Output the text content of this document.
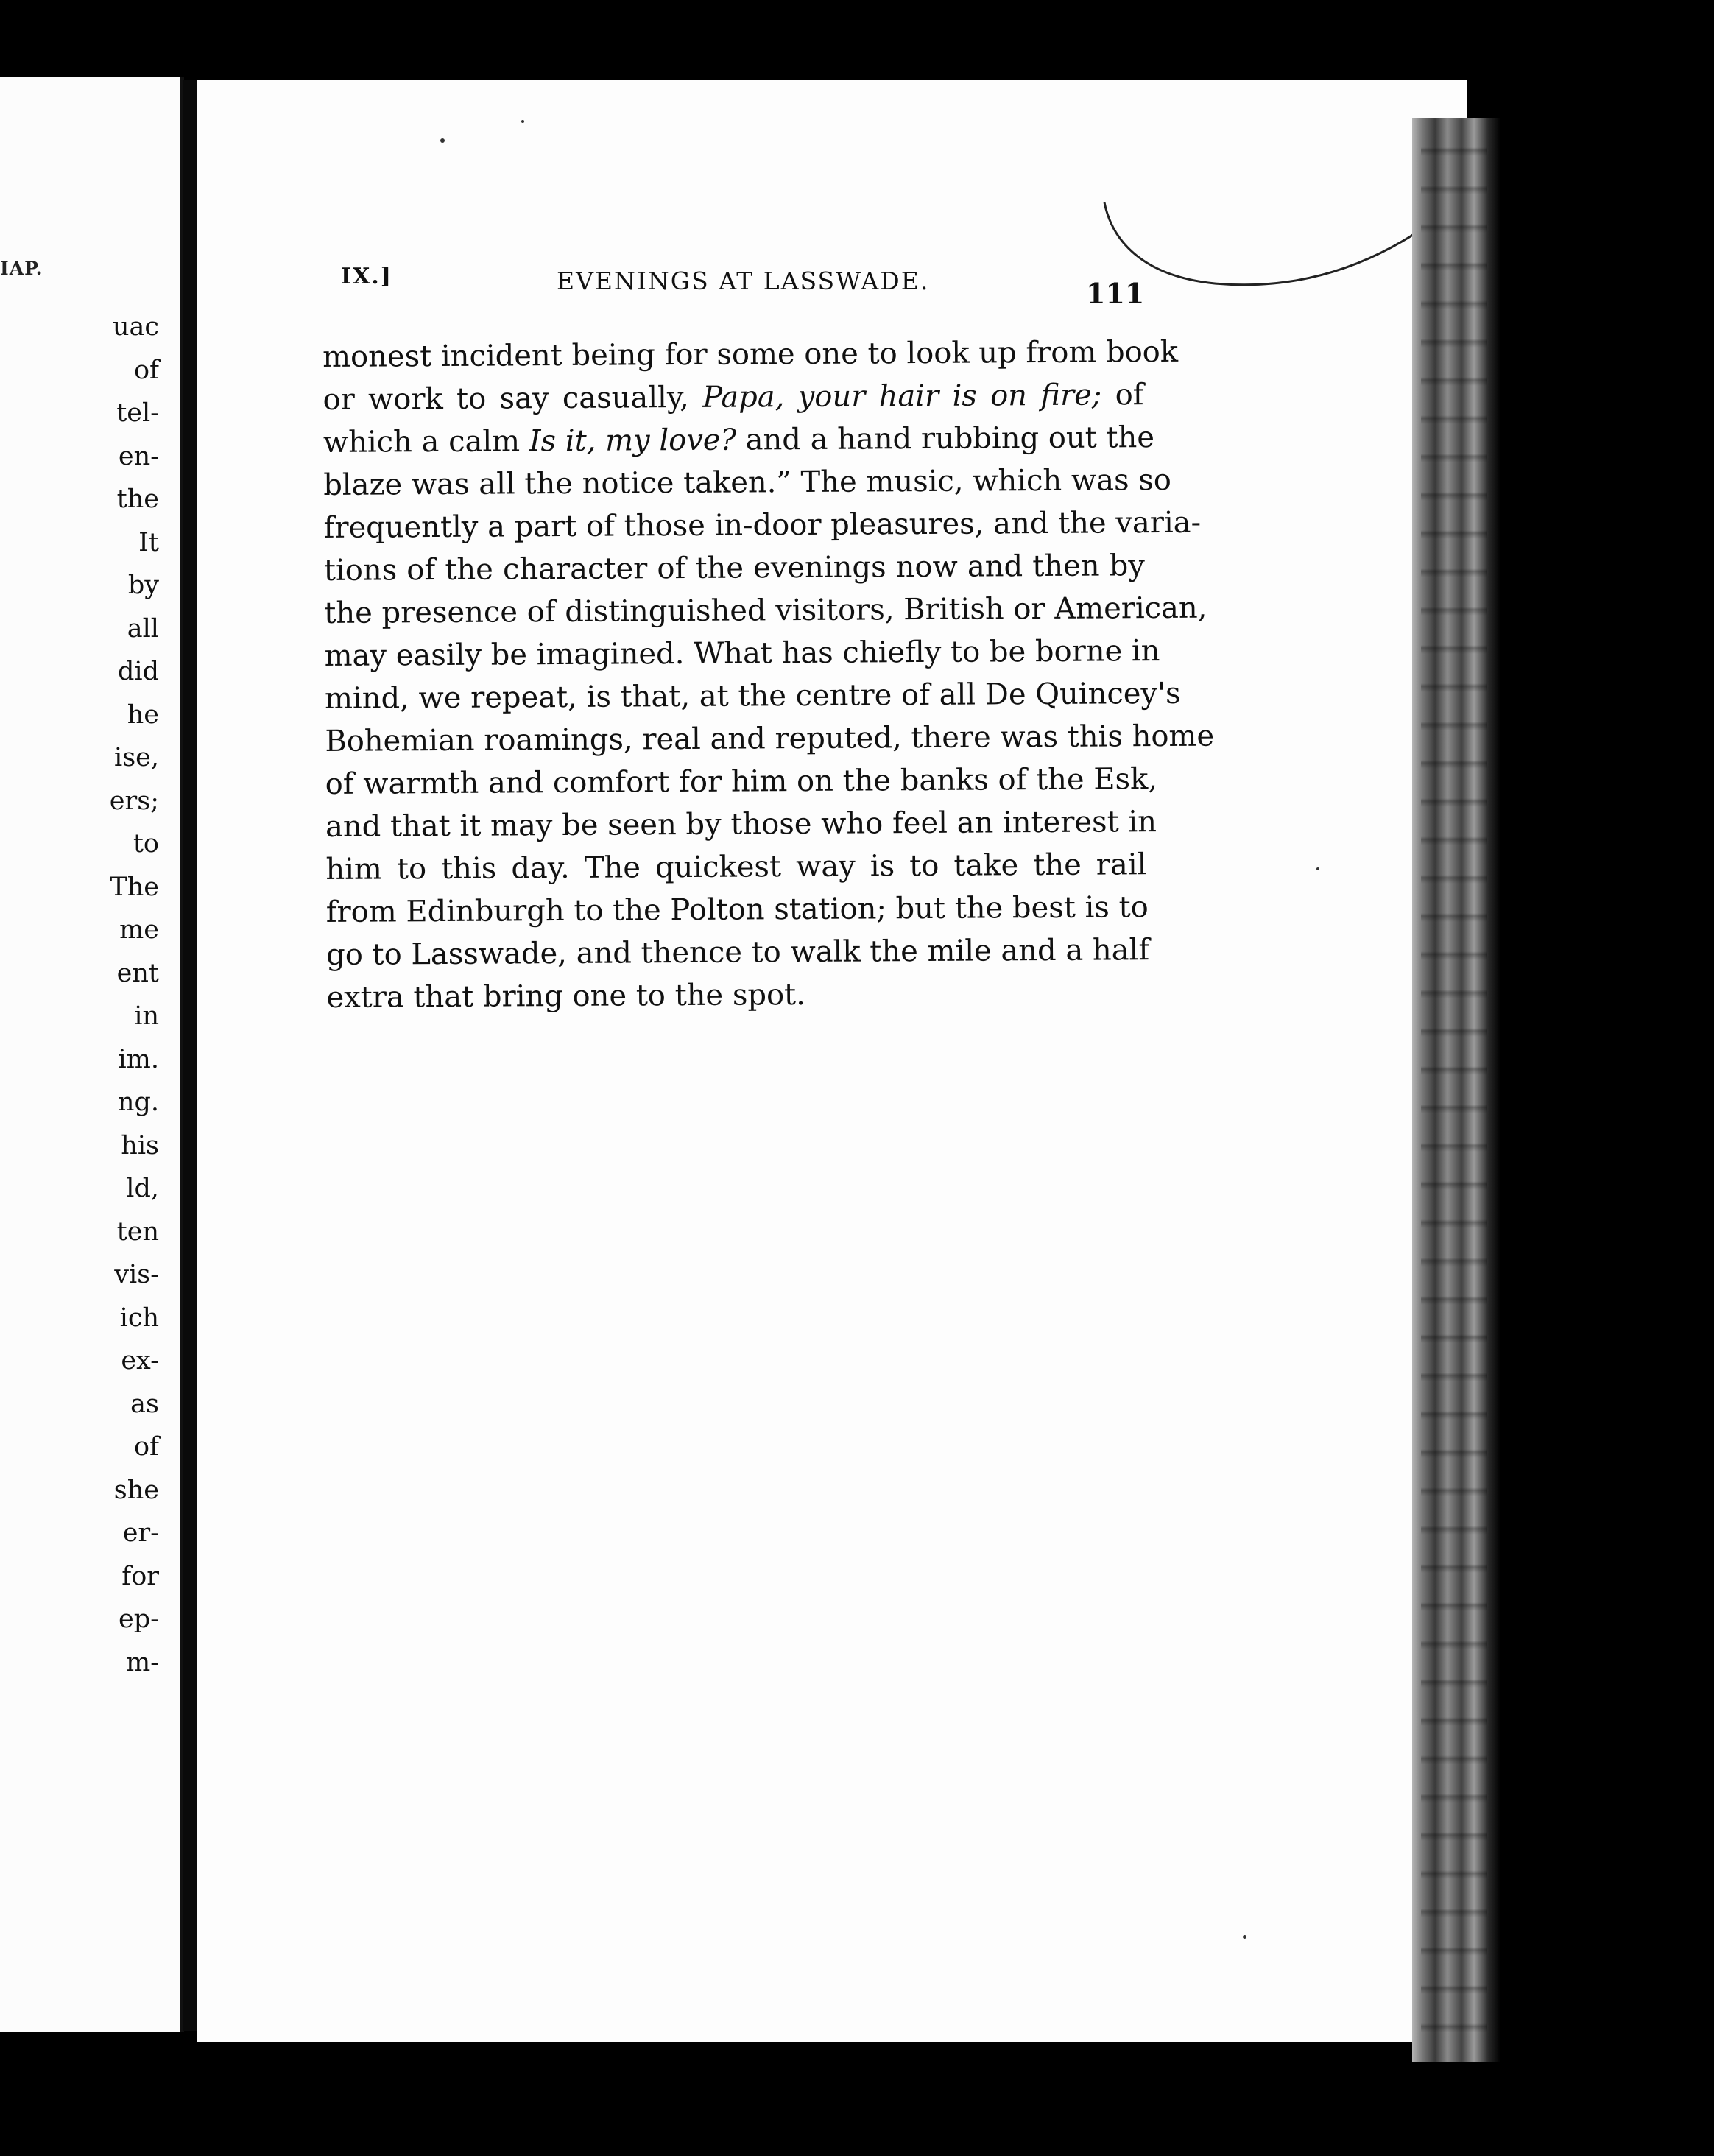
IAP.
uac
of
tel-
en-
the
It
by
all
did
he
ise,
ers;
to
The
me
ent
in
im.
ng.
his
ld,
ten
vis-
ich
ex-
as
of
she
er-
for
ep-
m-
IX.]	EVENINGS AT LASSWADE.	111
monest incident being for some one to look up from book
or work to say casually, Papa, your hair is on fire; of
which a calm Is it, my love? and a hand rubbing out the
blaze was all the notice taken.” The music, which was so
frequently a part of those in-door pleasures, and the varia-
tions of the character of the evenings now and then by
the presence of distinguished visitors, British or American,
may easily be imagined. What has chiefly to be borne in
mind, we repeat, is that, at the centre of all De Quincey's
Bohemian roamings, real and reputed, there was this home
of warmth and comfort for him on the banks of the Esk,
and that it may be seen by those who feel an interest in
him to this day. The quickest way is to take the rail
from Edinburgh to the Polton station; but the best is to
go to Lasswade, and thence to walk the mile and a half
extra that bring one to the spot.
